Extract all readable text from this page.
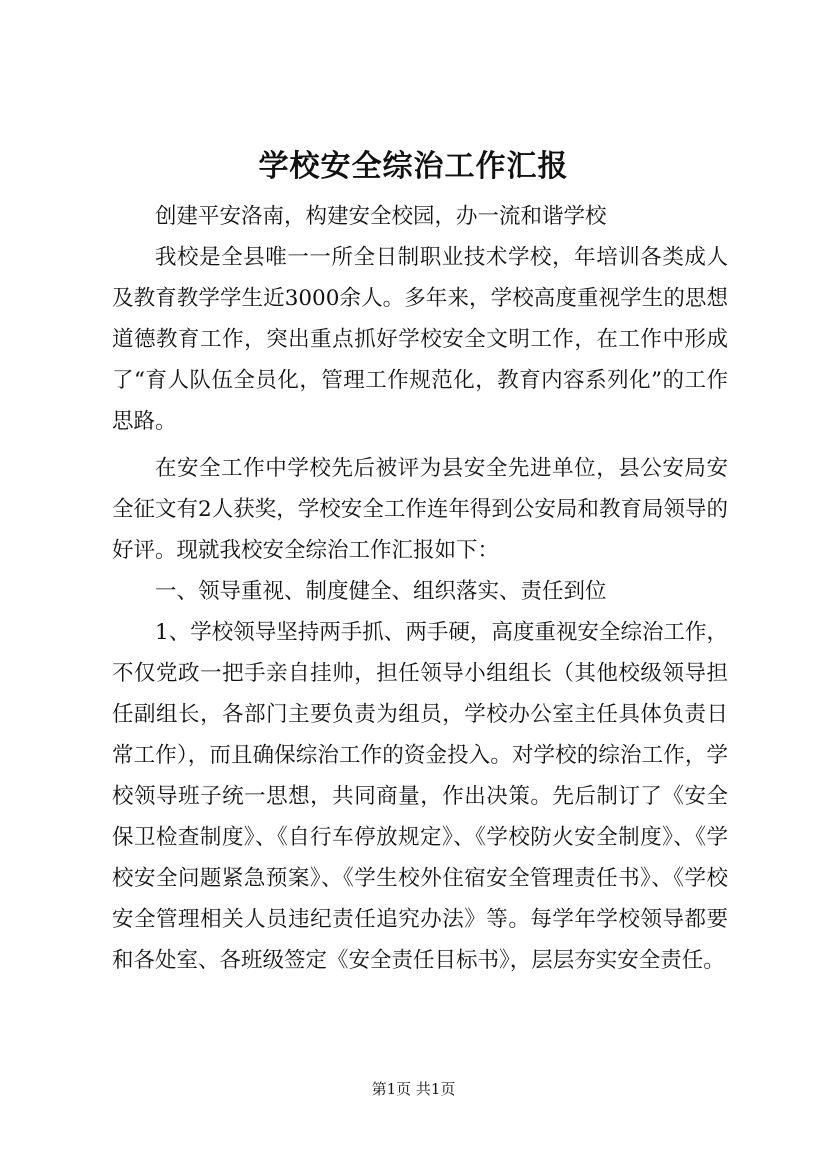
学校安全综治工作汇报

创建平安洛南，构建安全校园，办一流和谐学校

我校是全县唯一一所全日制职业技术学校，年培训各类成人及教育教学学生近3000余人。多年来，学校高度重视学生的思想道德教育工作，突出重点抓好学校安全文明工作，在工作中形成了“育人队伍全员化，管理工作规范化，教育内容系列化”的工作思路。

在安全工作中学校先后被评为县安全先进单位，县公安局安全征文有2人获奖，学校安全工作连年得到公安局和教育局领导的好评。现就我校安全综治工作汇报如下：

一、领导重视、制度健全、组织落实、责任到位

1、学校领导坚持两手抓、两手硬，高度重视安全综治工作，不仅党政一把手亲自挂帅，担任领导小组组长（其他校级领导担任副组长，各部门主要负责为组员，学校办公室主任具体负责日常工作），而且确保综治工作的资金投入。对学校的综治工作，学校领导班子统一思想，共同商量，作出决策。先后制订了《安全保卫检查制度》、《自行车停放规定》、《学校防火安全制度》、《学校安全问题紧急预案》、《学生校外住宿安全管理责任书》、《学校安全管理相关人员违纪责任追究办法》等。每学年学校领导都要和各处室、各班级签定《安全责任目标书》，层层夯实安全责任。

第1页 共1页
